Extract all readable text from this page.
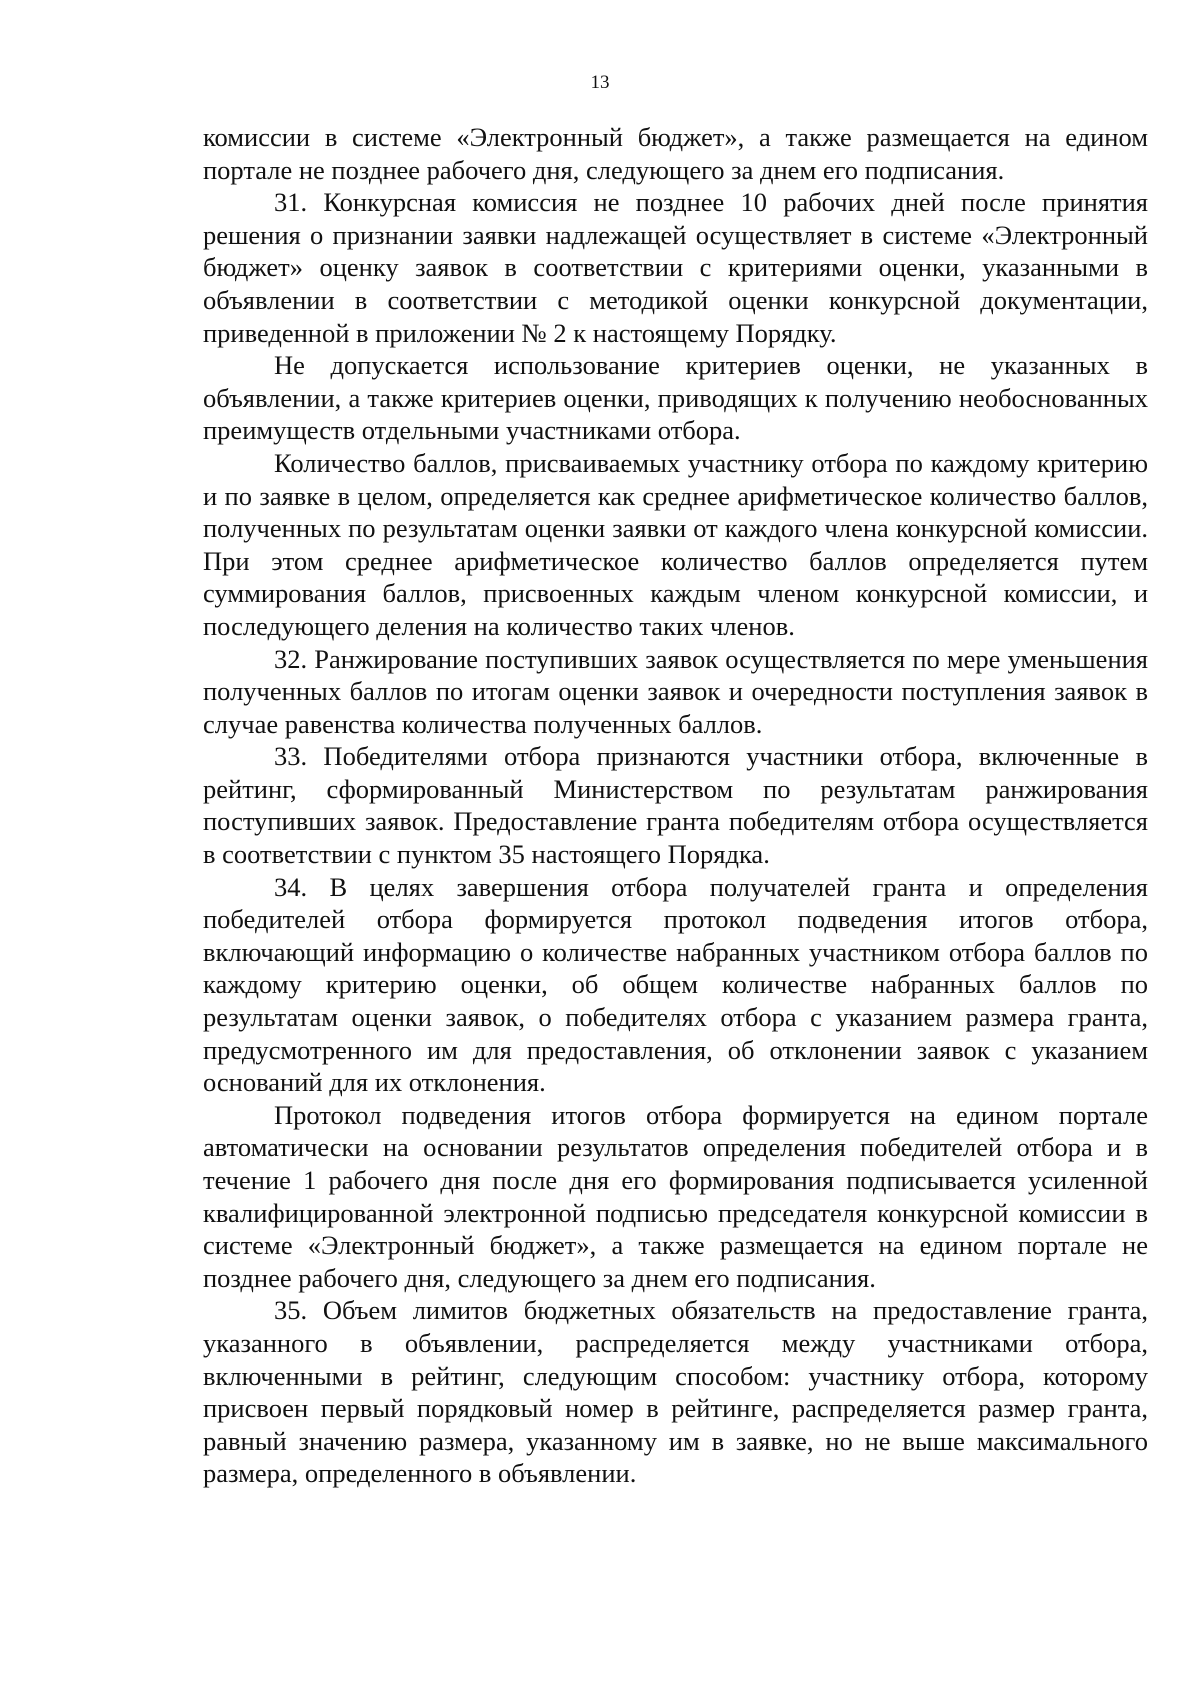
13

комиссии в системе «Электронный бюджет», а также размещается на едином портале не позднее рабочего дня, следующего за днем его подписания.

31. Конкурсная комиссия не позднее 10 рабочих дней после принятия решения о признании заявки надлежащей осуществляет в системе «Электронный бюджет» оценку заявок в соответствии с критериями оценки, указанными в объявлении в соответствии с методикой оценки конкурсной документации, приведенной в приложении № 2 к настоящему Порядку.

Не допускается использование критериев оценки, не указанных в объявлении, а также критериев оценки, приводящих к получению необоснованных преимуществ отдельными участниками отбора.

Количество баллов, присваиваемых участнику отбора по каждому критерию и по заявке в целом, определяется как среднее арифметическое количество баллов, полученных по результатам оценки заявки от каждого члена конкурсной комиссии. При этом среднее арифметическое количество баллов определяется путем суммирования баллов, присвоенных каждым членом конкурсной комиссии, и последующего деления на количество таких членов.

32. Ранжирование поступивших заявок осуществляется по мере уменьшения полученных баллов по итогам оценки заявок и очередности поступления заявок в случае равенства количества полученных баллов.

33. Победителями отбора признаются участники отбора, включенные в рейтинг, сформированный Министерством по результатам ранжирования поступивших заявок. Предоставление гранта победителям отбора осуществляется в соответствии с пунктом 35 настоящего Порядка.

34. В целях завершения отбора получателей гранта и определения победителей отбора формируется протокол подведения итогов отбора, включающий информацию о количестве набранных участником отбора баллов по каждому критерию оценки, об общем количестве набранных баллов по результатам оценки заявок, о победителях отбора с указанием размера гранта, предусмотренного им для предоставления, об отклонении заявок с указанием оснований для их отклонения.

Протокол подведения итогов отбора формируется на едином портале автоматически на основании результатов определения победителей отбора и в течение 1 рабочего дня после дня его формирования подписывается усиленной квалифицированной электронной подписью председателя конкурсной комиссии в системе «Электронный бюджет», а также размещается на едином портале не позднее рабочего дня, следующего за днем его подписания.

35. Объем лимитов бюджетных обязательств на предоставление гранта, указанного в объявлении, распределяется между участниками отбора, включенными в рейтинг, следующим способом: участнику отбора, которому присвоен первый порядковый номер в рейтинге, распределяется размер гранта, равный значению размера, указанному им в заявке, но не выше максимального размера, определенного в объявлении.
